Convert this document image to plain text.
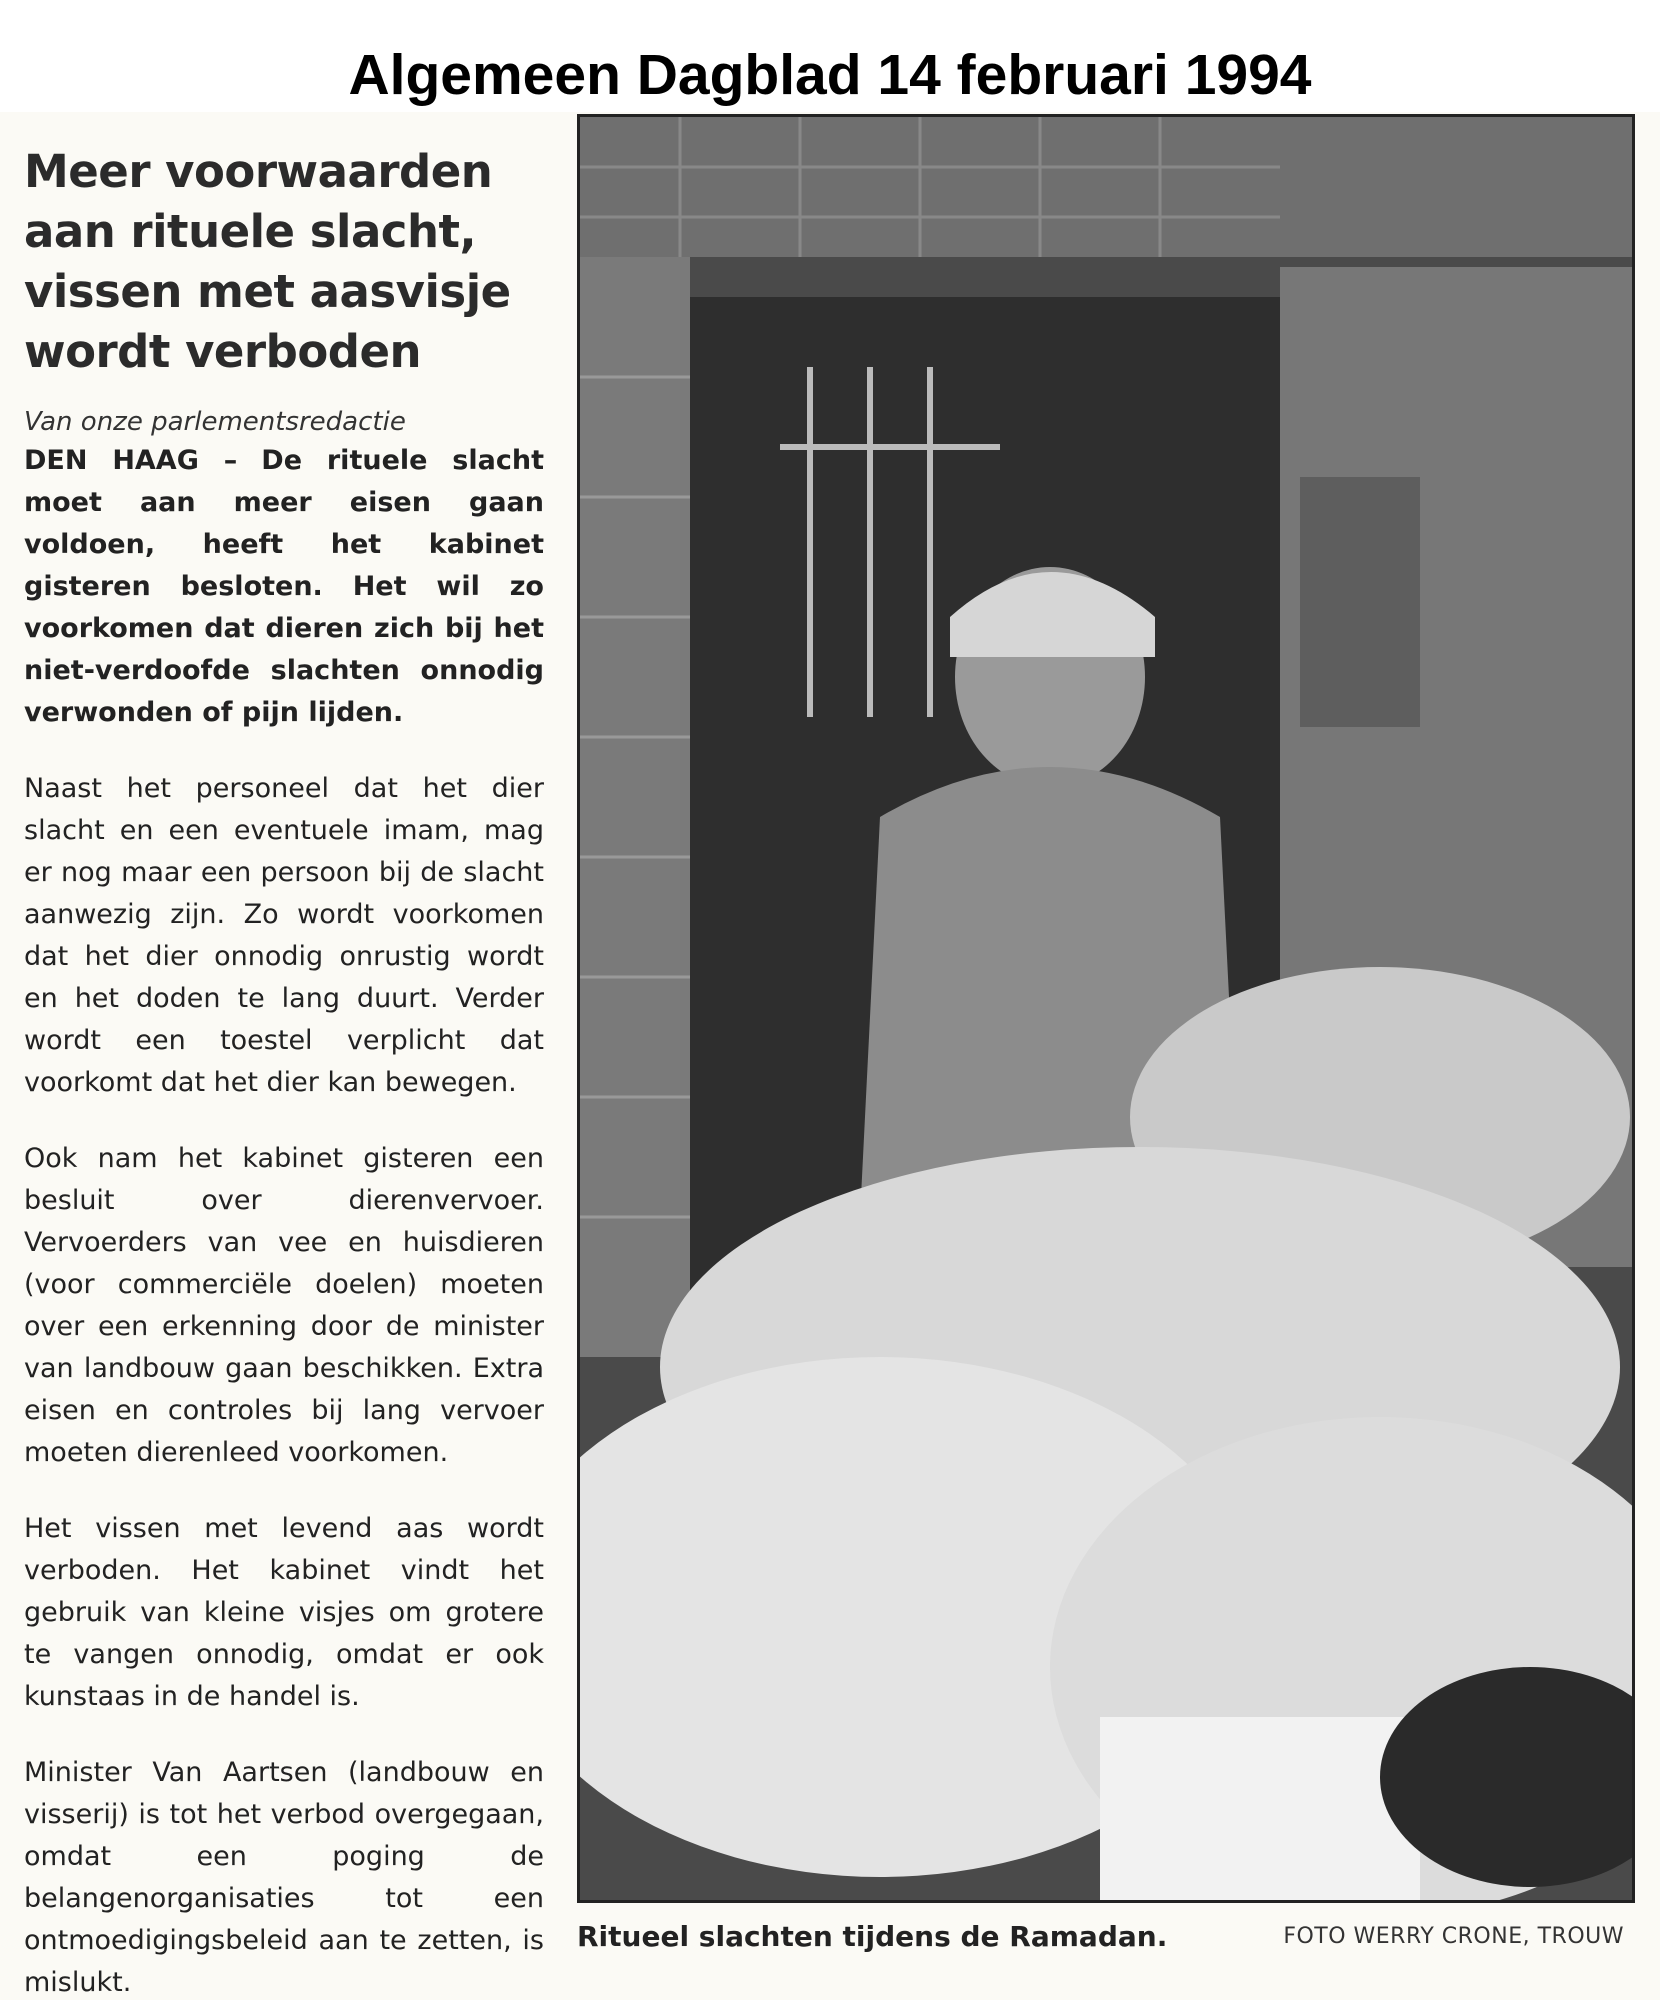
Algemeen Dagblad 14 februari 1994
Meer voorwaarden aan rituele slacht, vissen met aasvisje wordt verboden
Van onze parlementsredactie

DEN HAAG – De rituele slacht moet aan meer eisen gaan voldoen, heeft het kabinet gisteren besloten. Het wil zo voorkomen dat dieren zich bij het niet-verdoofde slachten onnodig verwonden of pijn lijden.

Naast het personeel dat het dier slacht en een eventuele imam, mag er nog maar een persoon bij de slacht aanwezig zijn. Zo wordt voorkomen dat het dier onnodig onrustig wordt en het doden te lang duurt. Verder wordt een toestel verplicht dat voorkomt dat het dier kan bewegen.

Ook nam het kabinet gisteren een besluit over dierenvervoer. Vervoerders van vee en huisdieren (voor commerciële doelen) moeten over een erkenning door de minister van landbouw gaan beschikken. Extra eisen en controles bij lang vervoer moeten dierenleed voorkomen.

Het vissen met levend aas wordt verboden. Het kabinet vindt het gebruik van kleine visjes om grotere te vangen onnodig, omdat er ook kunstaas in de handel is.

Minister Van Aartsen (landbouw en visserij) is tot het verbod overgegaan, omdat een poging de belangenorganisaties tot een ontmoedigingsbeleid aan te zetten, is mislukt.

Ritueel slachten tijdens de Ramadan.	FOTO WERRY CRONE, TROUW
